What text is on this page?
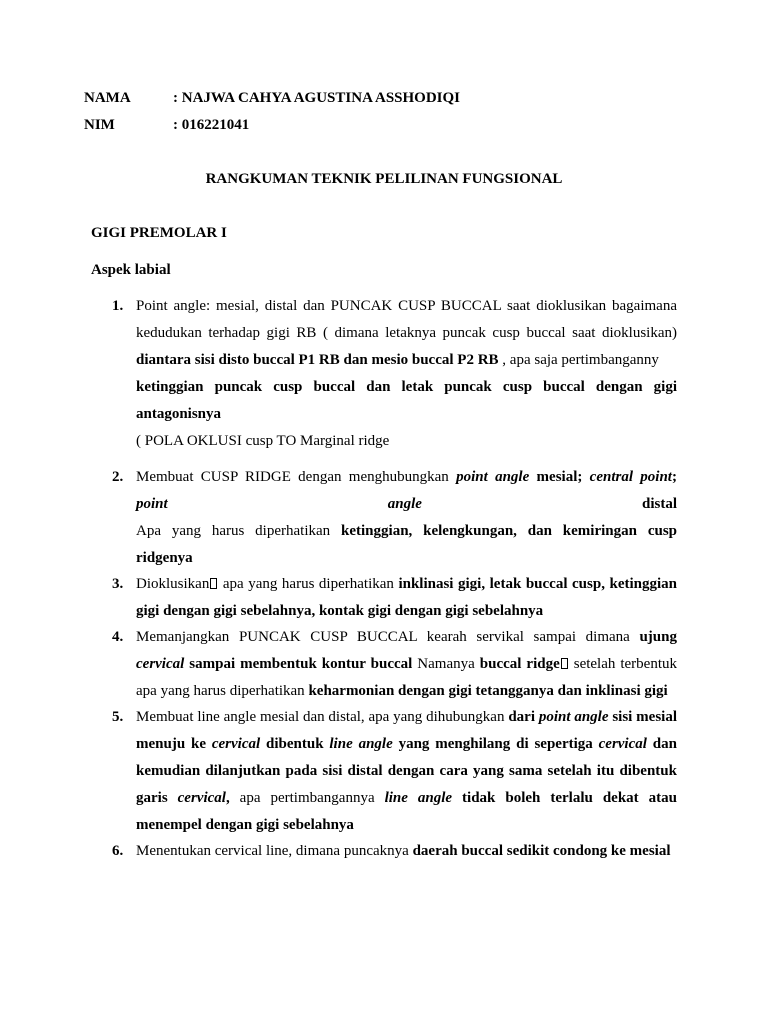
NAMA	: NAJWA CAHYA AGUSTINA ASSHODIQI
NIM	: 016221041
RANGKUMAN TEKNIK PELILINAN FUNGSIONAL
GIGI PREMOLAR I
Aspek labial
1. Point angle: mesial, distal dan PUNCAK CUSP BUCCAL saat dioklusikan bagaimana
kedudukan terhadap gigi RB ( dimana letaknya puncak cusp buccal saat dioklusikan)
diantara sisi disto buccal P1 RB dan mesio buccal P2 RB , apa saja pertimbanganny
ketinggian puncak cusp buccal dan letak puncak cusp buccal dengan gigi
antagonisnya
( POLA OKLUSI cusp TO Marginal ridge
2. Membuat CUSP RIDGE dengan menghubungkan point angle mesial; central point;
point angle distal
Apa yang harus diperhatikan ketinggian, kelengkungan, dan kemiringan cusp
ridgenya
3. Dioklusikan apa yang harus diperhatikan inklinasi gigi, letak buccal cusp, ketinggian
gigi dengan gigi sebelahnya, kontak gigi dengan gigi sebelahnya
4. Memanjangkan PUNCAK CUSP BUCCAL kearah servikal sampai dimana ujung
cervical sampai membentuk kontur buccal Namanya buccal ridge setelah terbentuk
apa yang harus diperhatikan keharmonian dengan gigi tetangganya dan inklinasi gigi
5. Membuat line angle mesial dan distal, apa yang dihubungkan dari point angle sisi mesial
menuju ke cervical dibentuk line angle yang menghilang di sepertiga cervical dan
kemudian dilanjutkan pada sisi distal dengan cara yang sama setelah itu dibentuk
garis cervical, apa pertimbangannya line angle tidak boleh terlalu dekat atau
menempel dengan gigi sebelahnya
6. Menentukan cervical line, dimana puncaknya daerah buccal sedikit condong ke mesial
